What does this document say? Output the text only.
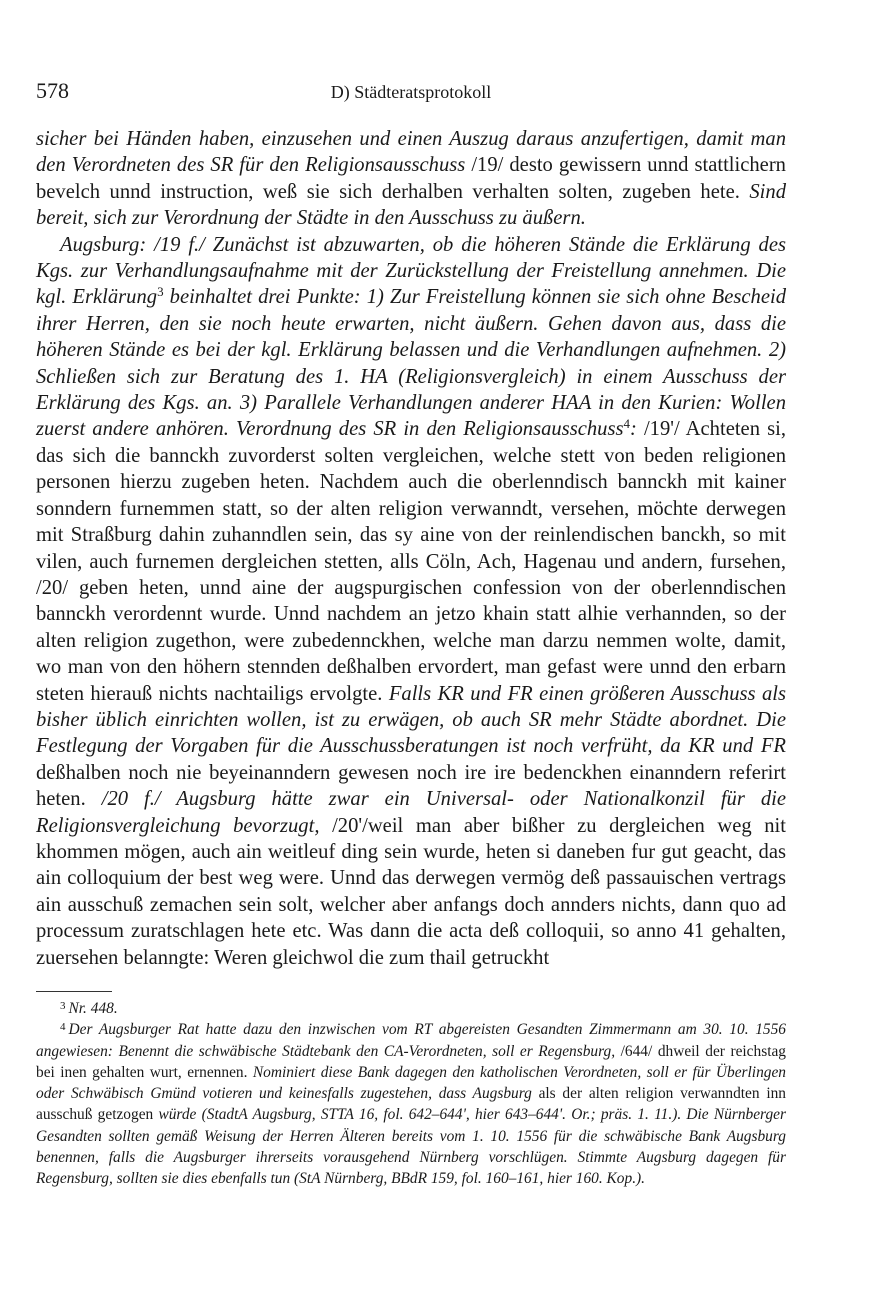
578	D) Städteratsprotokoll

sicher bei Händen haben, einzusehen und einen Auszug daraus anzufertigen, damit man den Verordneten des SR für den Religionsausschuss /19/ desto gewissern unnd stattlichern bevelch unnd instruction, weß sie sich derhalben verhalten solten, zugeben hete. Sind bereit, sich zur Verordnung der Städte in den Ausschuss zu äußern.

Augsburg: /19 f./ Zunächst ist abzuwarten, ob die höheren Stände die Erklärung des Kgs. zur Verhandlungsaufnahme mit der Zurückstellung der Freistellung annehmen. Die kgl. Erklärung$^3$ beinhaltet drei Punkte: 1) Zur Freistellung können sie sich ohne Bescheid ihrer Herren, den sie noch heute erwarten, nicht äußern. Gehen davon aus, dass die höheren Stände es bei der kgl. Erklärung belassen und die Verhandlungen aufnehmen. 2) Schließen sich zur Beratung des 1. HA (Religionsvergleich) in einem Ausschuss der Erklärung des Kgs. an. 3) Parallele Verhandlungen anderer HAA in den Kurien: Wollen zuerst andere anhören. Verordnung des SR in den Religionsausschuss$^4$: /19'/ Achteten si, das sich die bannckh zuvorderst solten vergleichen, welche stett von beden religionen personen hierzu zugeben heten. Nachdem auch die oberlenndisch bannckh mit kainer sonndern furnemmen statt, so der alten religion verwanndt, versehen, möchte derwegen mit Straßburg dahin zuhanndlen sein, das sy aine von der reinlendischen banckh, so mit vilen, auch furnemen dergleichen stetten, alls Cöln, Ach, Hagenau und andern, fursehen, /20/ geben heten, unnd aine der augspurgischen confession von der oberlenndischen bannckh verordennt wurde. Unnd nachdem an jetzo khain statt alhie verhannden, so der alten religion zugethon, were zubedennckhen, welche man darzu nemmen wolte, damit, wo man von den höhern stennden deßhalben ervordert, man gefast were unnd den erbarn steten hierauß nichts nachtailigs ervolgte. Falls KR und FR einen größeren Ausschuss als bisher üblich einrichten wollen, ist zu erwägen, ob auch SR mehr Städte abordnet. Die Festlegung der Vorgaben für die Ausschussberatungen ist noch verfrüht, da KR und FR deßhalben noch nie beyeinanndern gewesen noch ire ire bedenckhen einanndern referirt heten. /20 f./ Augsburg hätte zwar ein Universal- oder Nationalkonzil für die Religionsvergleichung bevorzugt, /20'/weil man aber bißher zu dergleichen weg nit khommen mögen, auch ain weitleuf ding sein wurde, heten si daneben fur gut geacht, das ain colloquium der best weg were. Unnd das derwegen vermög deß passauischen vertrags ain ausschuß zemachen sein solt, welcher aber anfangs doch annders nichts, dann quo ad processum zuratschlagen hete etc. Was dann die acta deß colloquii, so anno 41 gehalten, zuersehen belanngte: Weren gleichwol die zum thail getruckht

$^3$ Nr. 448.

$^4$ Der Augsburger Rat hatte dazu den inzwischen vom RT abgereisten Gesandten Zimmermann am 30. 10. 1556 angewiesen: Benennt die schwäbische Städtebank den CA-Verordneten, soll er Regensburg, /644/ dhweil der reichstag bei inen gehalten wurt, ernennen. Nominiert diese Bank dagegen den katholischen Verordneten, soll er für Überlingen oder Schwäbisch Gmünd votieren und keinesfalls zugestehen, dass Augsburg als der alten religion verwanndten inn ausschuß getzogen würde (StadtA Augsburg, STTA 16, fol. 642–644', hier 643–644'. Or.; präs. 1. 11.). Die Nürnberger Gesandten sollten gemäß Weisung der Herren Älteren bereits vom 1. 10. 1556 für die schwäbische Bank Augsburg benennen, falls die Augsburger ihrerseits vorausgehend Nürnberg vorschlügen. Stimmte Augsburg dagegen für Regensburg, sollten sie dies ebenfalls tun (StA Nürnberg, BBdR 159, fol. 160–161, hier 160. Kop.).
